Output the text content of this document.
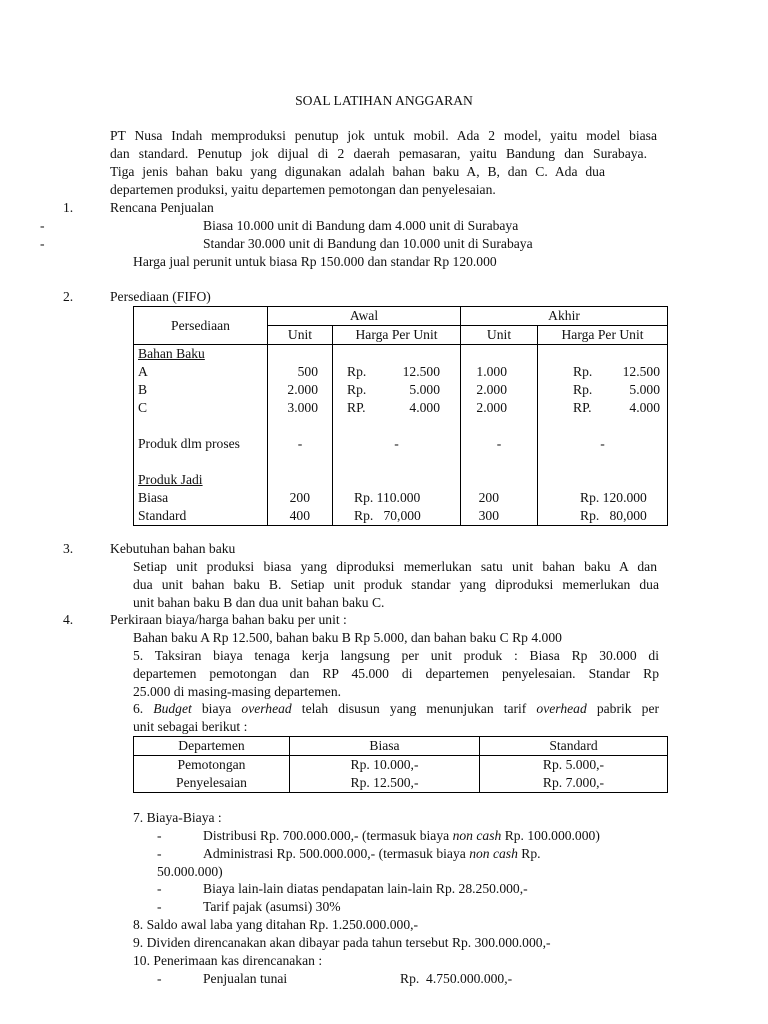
SOAL LATIHAN ANGGARAN
PT Nusa Indah memproduksi penutup jok untuk mobil. Ada 2 model, yaitu model biasa
dan standard. Penutup jok dijual di 2 daerah pemasaran, yaitu Bandung dan Surabaya.
Tiga jenis bahan baku yang digunakan adalah bahan baku A, B, dan C. Ada dua
departemen produksi, yaitu departemen pemotongan dan penyelesaian.
1.	Rencana Penjualan
-	Biasa 10.000 unit di Bandung dam 4.000 unit di Surabaya
-	Standar 30.000 unit di Bandung dan 10.000 unit di Surabaya
Harga jual perunit untuk biasa Rp 150.000 dan standar Rp 120.000
2.	Persediaan (FIFO)
Persediaan	Awal		Akhir	
	Unit	Harga Per Unit	Unit	Harga Per Unit
Bahan Baku				
A	500	Rp. 12.500	1.000	Rp. 12.500
B	2.000	Rp. 5.000	2.000	Rp. 5.000
C	3.000	RP. 4.000	2.000	RP. 4.000

Produk dlm proses	-	-	-	-

Produk Jadi				
Biasa	200	Rp. 110.000	200	Rp. 120.000
Standard	400	Rp.   70,000	300	Rp.   80,000
3.	Kebutuhan bahan baku
Setiap unit produksi biasa yang diproduksi memerlukan satu unit bahan baku A dan
dua unit bahan baku B. Setiap unit produk standar yang diproduksi memerlukan dua
unit bahan baku B dan dua unit bahan baku C.
4.	Perkiraan biaya/harga bahan baku per unit :
Bahan baku A Rp 12.500, bahan baku B Rp 5.000, dan bahan baku C Rp 4.000
5. Taksiran biaya tenaga kerja langsung per unit produk : Biasa Rp 30.000 di
departemen pemotongan dan RP 45.000 di departemen penyelesaian. Standar Rp
25.000 di masing-masing departemen.
6. Budget biaya overhead telah disusun yang menunjukan tarif overhead pabrik per
unit sebagai berikut :
Departemen	Biasa	Standard
Pemotongan	Rp. 10.000,-	Rp. 5.000,-
Penyelesaian	Rp. 12.500,-	Rp. 7.000,-
7. Biaya-Biaya :
-	Distribusi Rp. 700.000.000,- (termasuk biaya non cash Rp. 100.000.000)
-	Administrasi Rp. 500.000.000,- (termasuk biaya non cash Rp.
50.000.000)
-	Biaya lain-lain diatas pendapatan lain-lain Rp. 28.250.000,-
-	Tarif pajak (asumsi) 30%
8. Saldo awal laba yang ditahan Rp. 1.250.000.000,-
9. Dividen direncanakan akan dibayar pada tahun tersebut Rp. 300.000.000,-
10. Penerimaan kas direncanakan :
-	Penjualan tunai	Rp.  4.750.000.000,-
